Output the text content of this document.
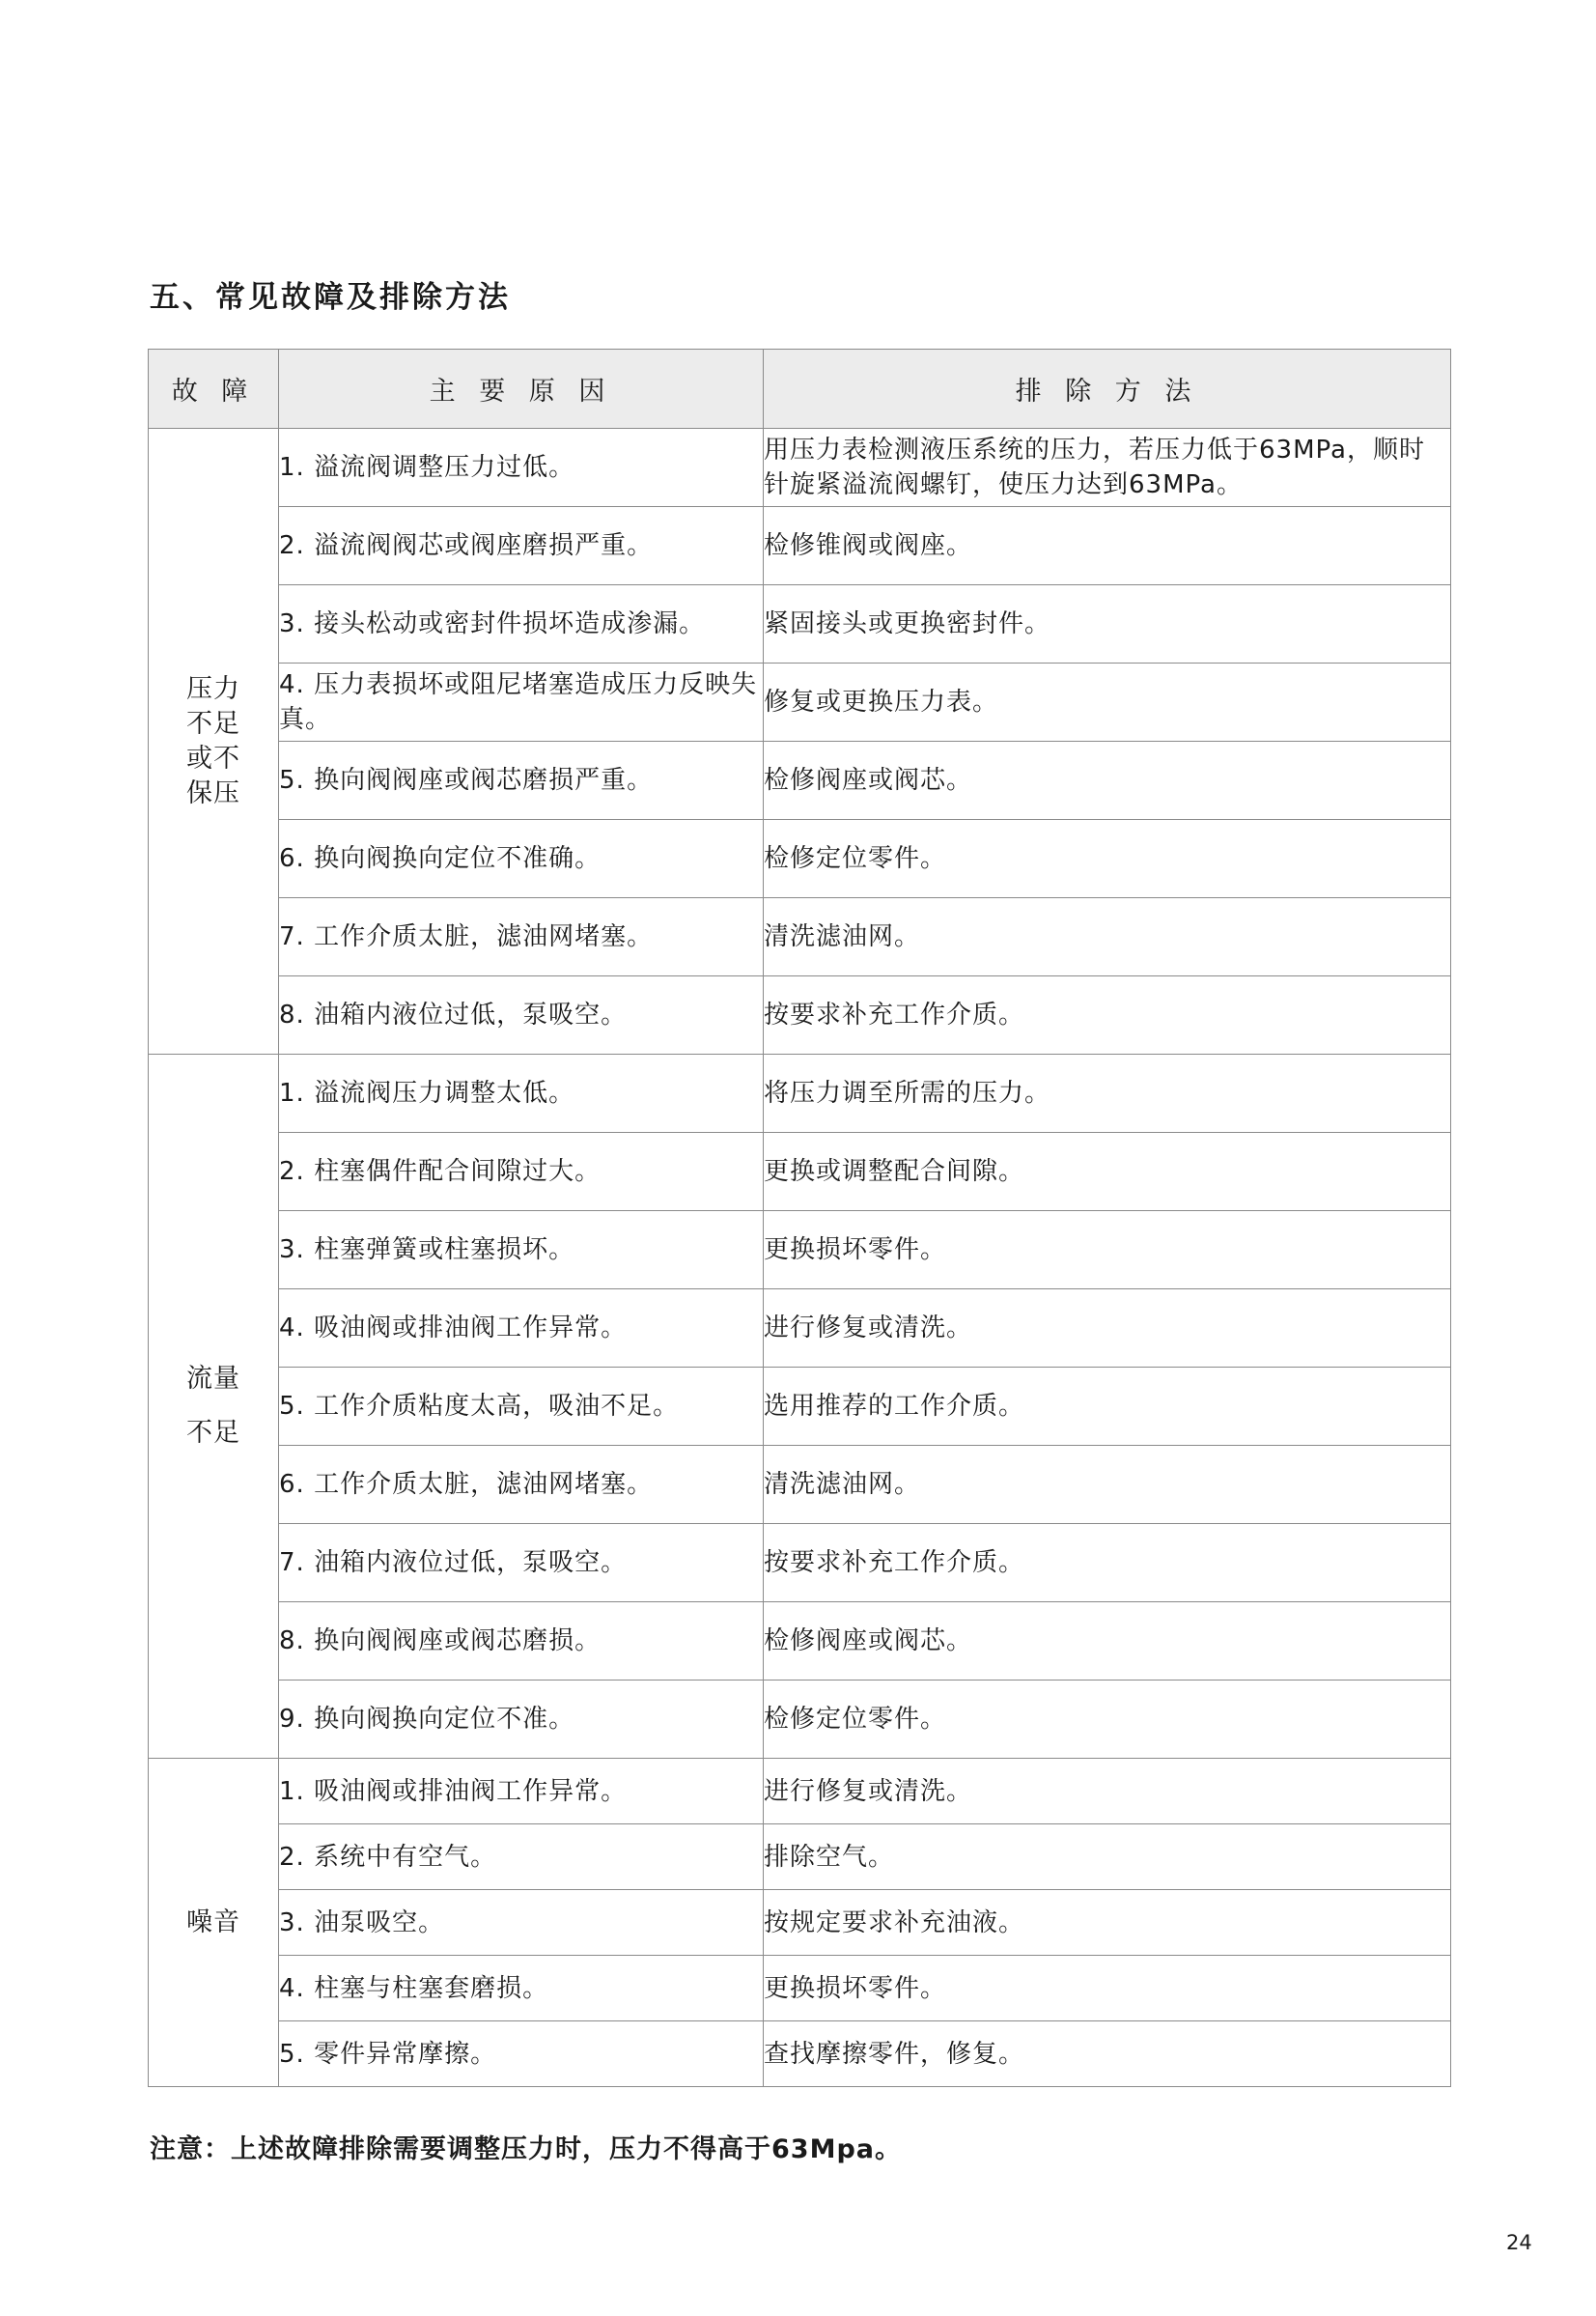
五、常见故障及排除方法
故 障	主 要 原 因	排 除 方 法

压力
不足
或不
保压	1. 溢流阀调整压力过低。	用压力表检测液压系统的压力，若压力低于63MPa，顺时针旋紧溢流阀螺钉，使压力达到63MPa。
	2. 溢流阀阀芯或阀座磨损严重。	检修锥阀或阀座。
	3. 接头松动或密封件损坏造成渗漏。	紧固接头或更换密封件。
	4. 压力表损坏或阻尼堵塞造成压力反映失真。	修复或更换压力表。
	5. 换向阀阀座或阀芯磨损严重。	检修阀座或阀芯。
	6. 换向阀换向定位不准确。	检修定位零件。
	7. 工作介质太脏，滤油网堵塞。	清洗滤油网。
	8. 油箱内液位过低，泵吸空。	按要求补充工作介质。

流量
不足	1. 溢流阀压力调整太低。	将压力调至所需的压力。
	2. 柱塞偶件配合间隙过大。	更换或调整配合间隙。
	3. 柱塞弹簧或柱塞损坏。	更换损坏零件。
	4. 吸油阀或排油阀工作异常。	进行修复或清洗。
	5. 工作介质粘度太高，吸油不足。	选用推荐的工作介质。
	6. 工作介质太脏，滤油网堵塞。	清洗滤油网。
	7. 油箱内液位过低，泵吸空。	按要求补充工作介质。
	8. 换向阀阀座或阀芯磨损。	检修阀座或阀芯。
	9. 换向阀换向定位不准。	检修定位零件。

噪音	1. 吸油阀或排油阀工作异常。	进行修复或清洗。
	2. 系统中有空气。	排除空气。
	3. 油泵吸空。	按规定要求补充油液。
	4. 柱塞与柱塞套磨损。	更换损坏零件。
	5. 零件异常摩擦。	查找摩擦零件，修复。
注意：上述故障排除需要调整压力时，压力不得高于63Mpa。
24
